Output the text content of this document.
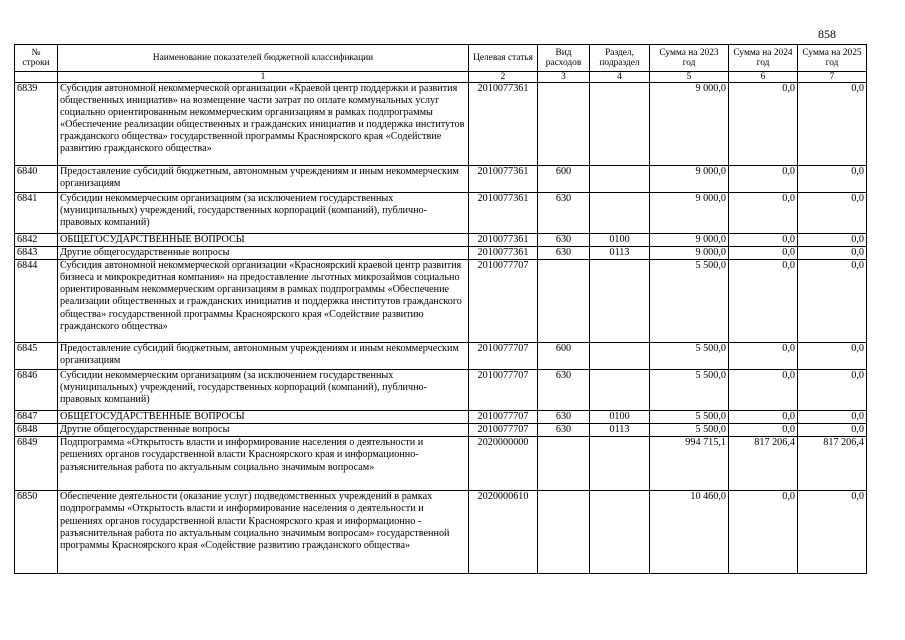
858
№ строки	Наименование показателей бюджетной классификации	Целевая статья	Вид расходов	Раздел, подраздел	Сумма на 2023 год	Сумма на 2024 год	Сумма на 2025 год
	1	2	3	4	5	6	7
6839	Субсидия автономной некоммерческой организации «Краевой центр поддержки и развития общественных инициатив» на возмещение части затрат по оплате коммунальных услуг социально ориентированным некоммерческим организациям в рамках подпрограммы «Обеспечение реализации общественных и гражданских инициатив и поддержка институтов гражданского общества» государственной программы Красноярского края «Содействие развитию гражданского общества»	2010077361			9 000,0	0,0	0,0
6840	Предоставление субсидий бюджетным, автономным учреждениям и иным некоммерческим организациям	2010077361	600		9 000,0	0,0	0,0
6841	Субсидии некоммерческим организациям (за исключением государственных (муниципальных) учреждений, государственных корпораций (компаний), публично-правовых компаний)	2010077361	630		9 000,0	0,0	0,0
6842	ОБЩЕГОСУДАРСТВЕННЫЕ ВОПРОСЫ	2010077361	630	0100	9 000,0	0,0	0,0
6843	Другие общегосударственные вопросы	2010077361	630	0113	9 000,0	0,0	0,0
6844	Субсидия автономной некоммерческой организации «Красноярский краевой центр развития бизнеса и микрокредитная компания» на предоставление льготных микрозаймов социально ориентированным некоммерческим организациям в рамках подпрограммы «Обеспечение реализации общественных и гражданских инициатив и поддержка институтов гражданского общества» государственной программы Красноярского края «Содействие развитию гражданского общества»	2010077707			5 500,0	0,0	0,0
6845	Предоставление субсидий бюджетным, автономным учреждениям и иным некоммерческим организациям	2010077707	600		5 500,0	0,0	0,0
6846	Субсидии некоммерческим организациям (за исключением государственных (муниципальных) учреждений, государственных корпораций (компаний), публично-правовых компаний)	2010077707	630		5 500,0	0,0	0,0
6847	ОБЩЕГОСУДАРСТВЕННЫЕ ВОПРОСЫ	2010077707	630	0100	5 500,0	0,0	0,0
6848	Другие общегосударственные вопросы	2010077707	630	0113	5 500,0	0,0	0,0
6849	Подпрограмма «Открытость власти и информирование населения о деятельности и решениях органов государственной власти Красноярского края и информационно-разъяснительная работа по актуальным социально значимым вопросам»	2020000000			994 715,1	817 206,4	817 206,4
6850	Обеспечение деятельности (оказание услуг) подведомственных учреждений в рамках подпрограммы «Открытость власти и информирование населения о деятельности и решениях органов государственной власти Красноярского края и информационно - разъяснительная работа по актуальным социально значимым вопросам» государственной программы Красноярского края «Содействие развитию гражданского общества»	2020000610			10 460,0	0,0	0,0
